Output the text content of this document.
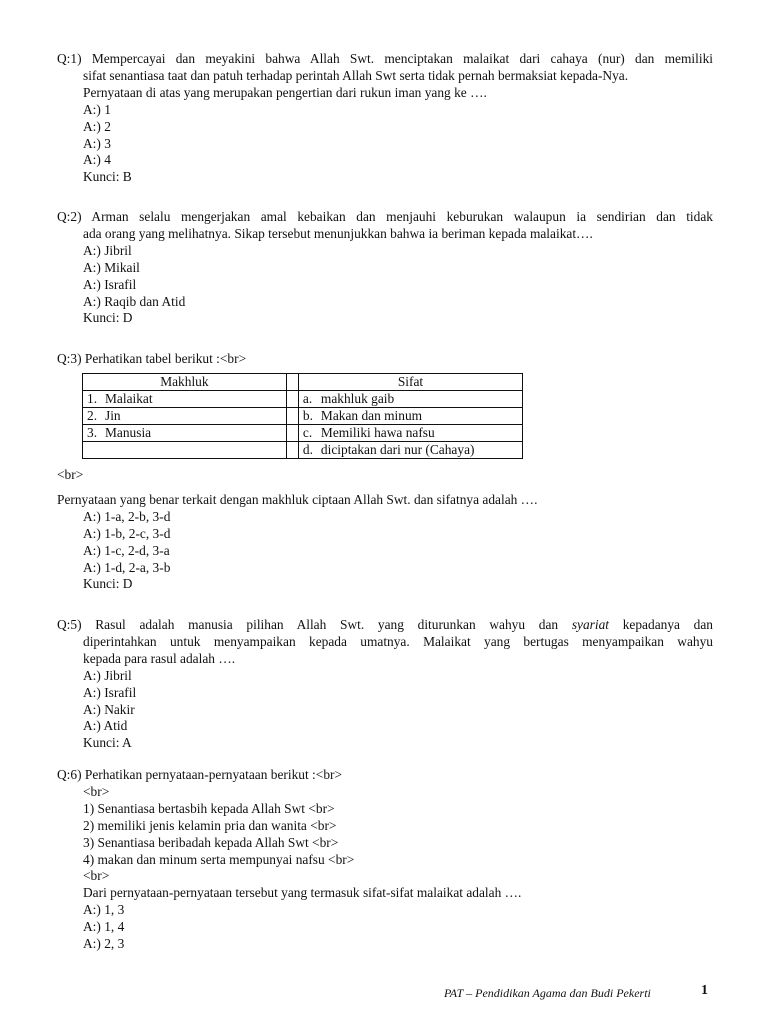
Q:1) Mempercayai dan meyakini bahwa Allah Swt. menciptakan malaikat dari cahaya (nur) dan memiliki

sifat senantiasa taat dan patuh terhadap perintah Allah Swt serta tidak pernah bermaksiat kepada-Nya.

Pernyataan di atas yang merupakan pengertian dari rukun iman yang ke ….

A:) 1

A:) 2

A:) 3

A:) 4

Kunci: B

Q:2) Arman selalu mengerjakan amal kebaikan dan menjauhi keburukan walaupun ia sendirian dan tidak

ada orang yang melihatnya. Sikap tersebut menunjukkan bahwa ia beriman kepada malaikat….

A:) Jibril

A:) Mikail

A:) Israfil

A:) Raqib dan Atid

Kunci: D

Q:3) Perhatikan tabel berikut :<br>

Makhluk		Sifat
1. Malaikat		a. makhluk gaib
2. Jin		b. Makan dan minum
3. Manusia		c. Memiliki hawa nafsu
		d. diciptakan dari nur (Cahaya)

<br>

Pernyataan yang benar terkait dengan makhluk ciptaan Allah Swt. dan sifatnya adalah ….

A:) 1-a, 2-b, 3-d

A:) 1-b, 2-c, 3-d

A:) 1-c, 2-d, 3-a

A:) 1-d, 2-a, 3-b

Kunci: D

Q:5) Rasul adalah manusia pilihan Allah Swt. yang diturunkan wahyu dan syariat kepadanya dan

diperintahkan untuk menyampaikan kepada umatnya. Malaikat yang bertugas menyampaikan wahyu

kepada para rasul adalah ….

A:) Jibril

A:) Israfil

A:) Nakir

A:) Atid

Kunci: A

Q:6) Perhatikan pernyataan-pernyataan berikut :<br>

<br>

1) Senantiasa bertasbih kepada Allah Swt <br>

2) memiliki jenis kelamin pria dan wanita <br>

3) Senantiasa beribadah kepada Allah Swt <br>

4) makan dan minum serta mempunyai nafsu <br>

<br>

Dari pernyataan-pernyataan tersebut yang termasuk sifat-sifat malaikat adalah ….

A:) 1, 3

A:) 1, 4

A:) 2, 3

PAT – Pendidikan Agama dan Budi Pekerti	1
